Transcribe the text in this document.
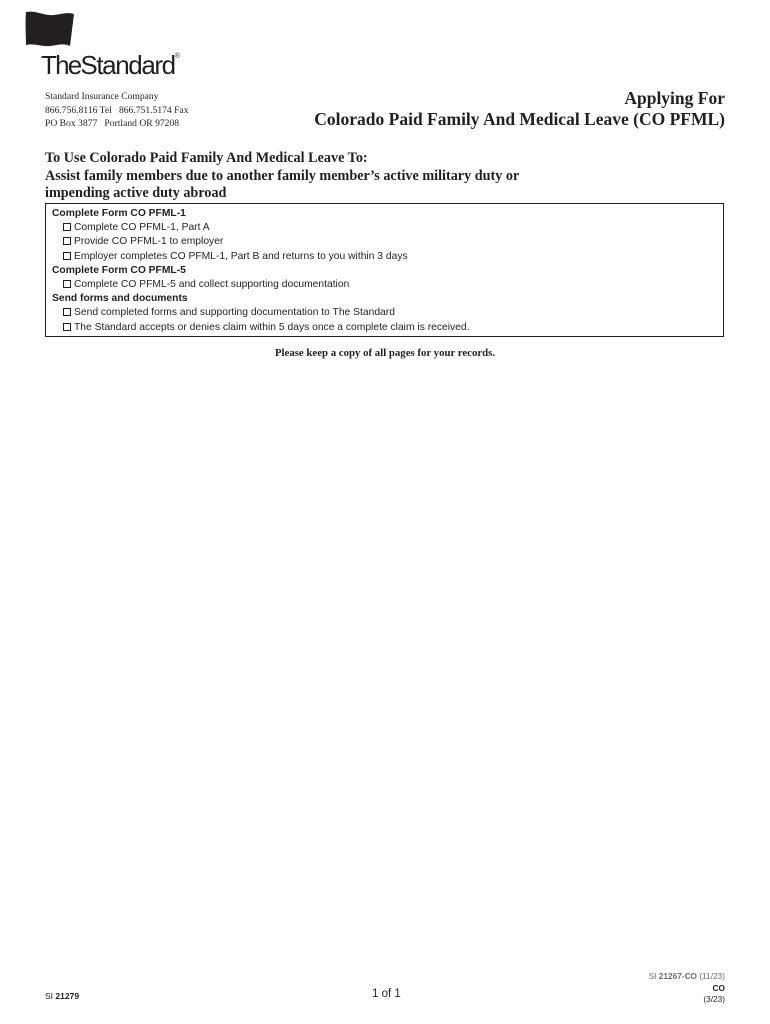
TheStandard®
Standard Insurance Company
866.756.8116 Tel   866.751.5174 Fax
PO Box 3877   Portland OR 97208
Applying For
Colorado Paid Family And Medical Leave (CO PFML)
To Use Colorado Paid Family And Medical Leave To:
Assist family members due to another family member’s active military duty or
impending active duty abroad
Complete Form CO PFML-1
Complete CO PFML-1, Part A
Provide CO PFML-1 to employer
Employer completes CO PFML-1, Part B and returns to you within 3 days
Complete Form CO PFML-5
Complete CO PFML-5 and collect supporting documentation
Send forms and documents
Send completed forms and supporting documentation to The Standard
The Standard accepts or denies claim within 5 days once a complete claim is received.
Please keep a copy of all pages for your records.
SI 21279	1 of 1
SI 21267-CO (11/23)
CO
(3/23)
